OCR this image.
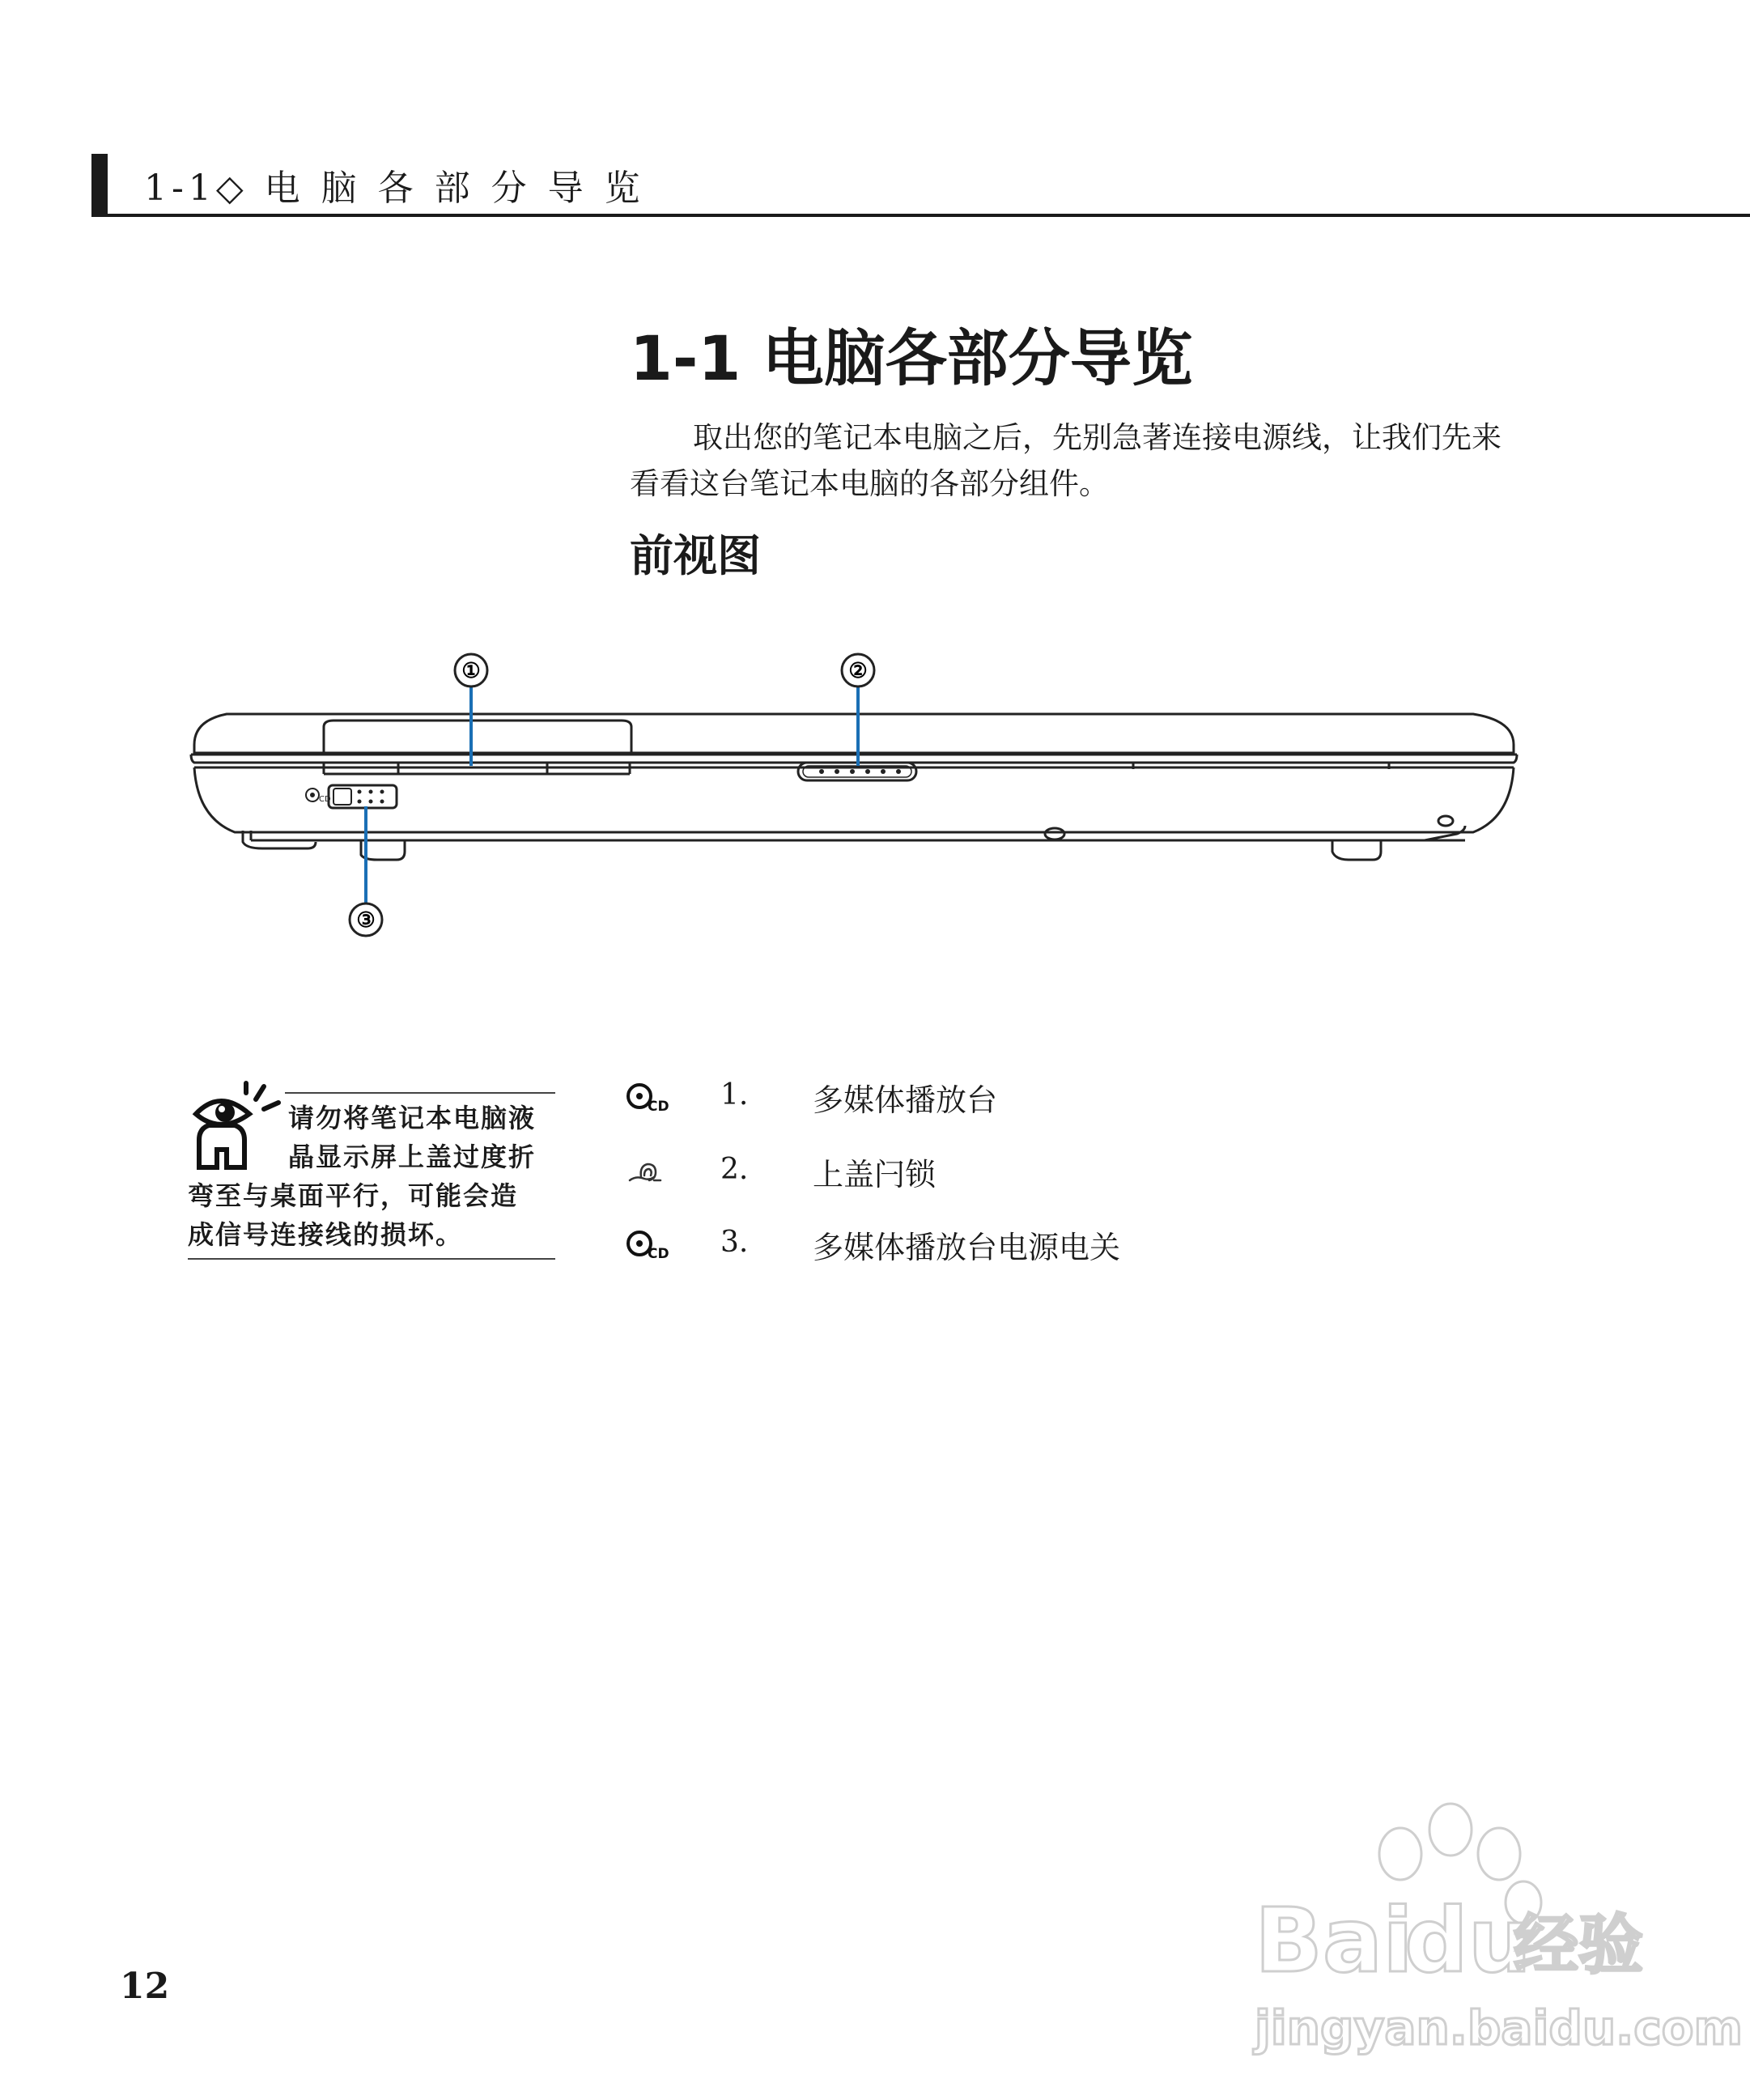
1-1◇ 电 脑 各 部 分 导 览
1-1 电脑各部分导览
取出您的笔记本电脑之后，先别急著连接电源线，让我们先来看看这台笔记本电脑的各部分组件。
前视图
CD
①	②
③
请勿将笔记本电脑液
晶显示屏上盖过度折
弯至与桌面平行，可能会造
成信号连接线的损坏。
CD 1. 多媒体播放台
2. 上盖闩锁
CD 3. 多媒体播放台电源电关
12	Bai
du
经验
jingyan.baidu.com
